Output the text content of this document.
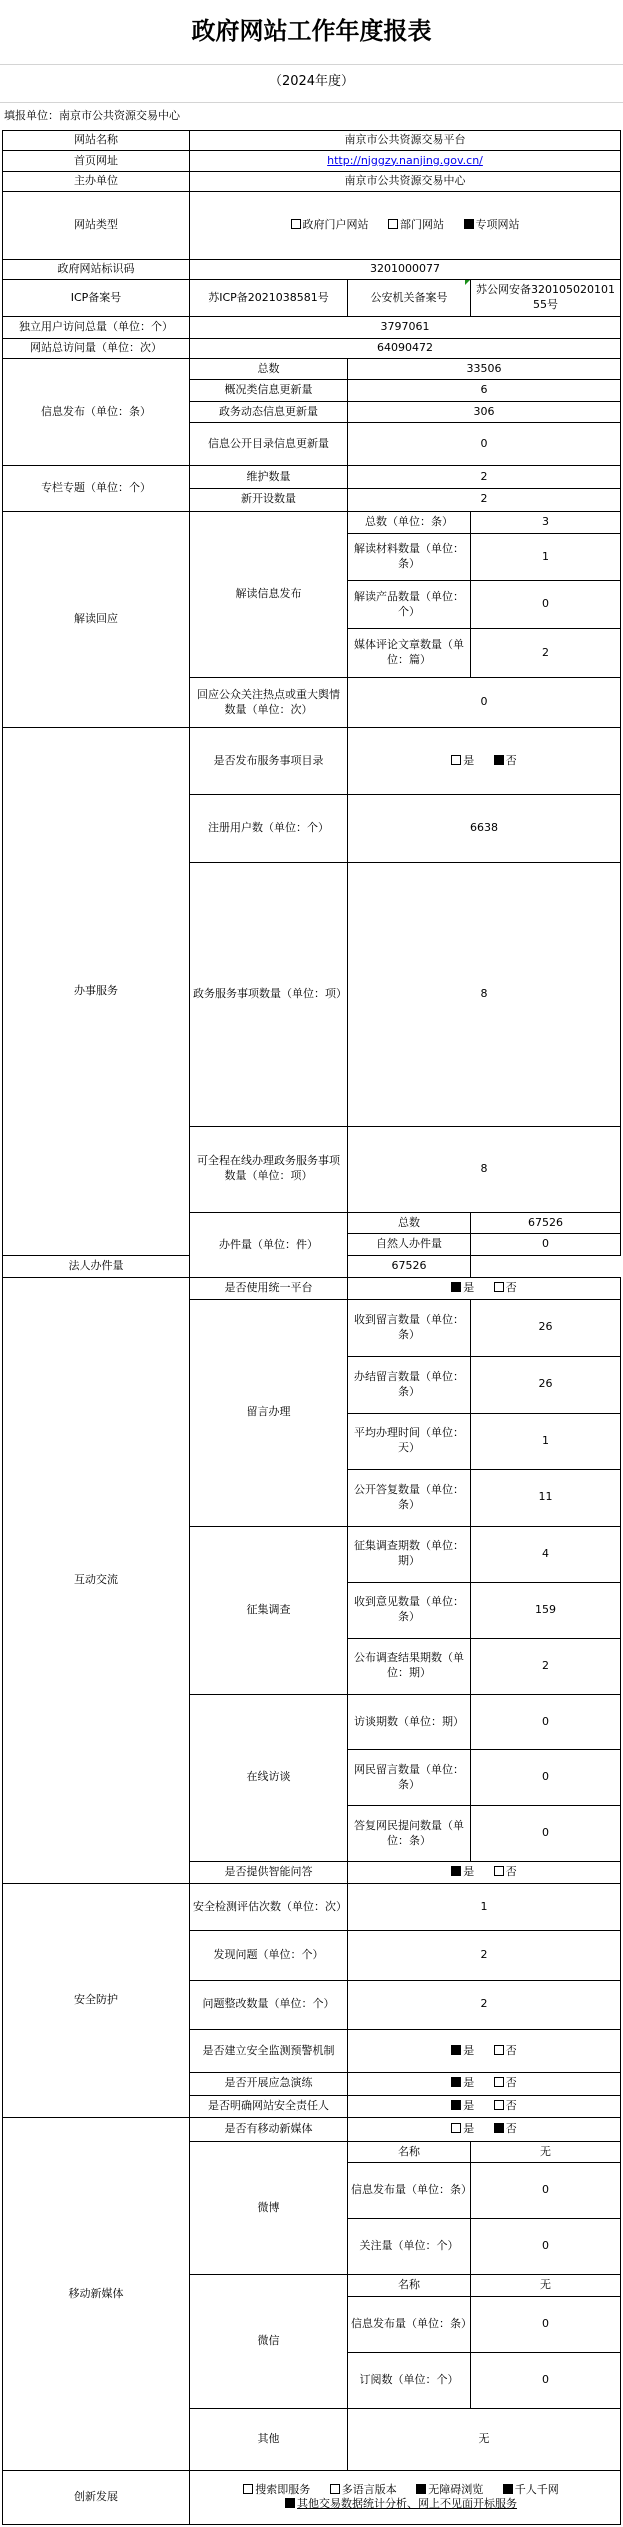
政府网站工作年度报表
（2024年度）
填报单位：南京市公共资源交易中心
网站名称	南京市公共资源交易平台		
首页网址	http://njggzy.nanjing.gov.cn/		
主办单位	南京市公共资源交易中心		
网站类型	政府门户网站 部门网站 专项网站		
政府网站标识码	3201000077		
ICP备案号	苏ICP备2021038581号	公安机关备案号	苏公网安备32010502010155号
独立用户访问总量（单位：个）	3797061		
网站总访问量（单位：次）	64090472		
信息发布（单位：条）	总数	33506	
	概况类信息更新量	6	
	政务动态信息更新量	306	
	信息公开目录信息更新量	0	
专栏专题（单位：个）	维护数量	2	
	新开设数量	2	
解读回应	解读信息发布	总数（单位：条）	3
		解读材料数量（单位：条）	1
		解读产品数量（单位：个）	0
		媒体评论文章数量（单位：篇）	2
	回应公众关注热点或重大舆情数量（单位：次）	0	
办事服务	是否发布服务事项目录	是 否	
	注册用户数（单位：个）	6638	
	政务服务事项数量（单位：项）	8	
	可全程在线办理政务服务事项数量（单位：项）	8	
	办件量（单位：件）	总数	67526
		自然人办件量	0
法人办件量		67526	
互动交流	是否使用统一平台	是 否	
	留言办理	收到留言数量（单位：条）	26
		办结留言数量（单位：条）	26
		平均办理时间（单位：天）	1
		公开答复数量（单位：条）	11
	征集调查	征集调查期数（单位：期）	4
		收到意见数量（单位：条）	159
		公布调查结果期数（单位：期）	2
	在线访谈	访谈期数（单位：期）	0
		网民留言数量（单位：条）	0
		答复网民提问数量（单位：条）	0
	是否提供智能问答	是 否	
安全防护	安全检测评估次数（单位：次）	1	
	发现问题（单位：个）	2	
	问题整改数量（单位：个）	2	
	是否建立安全监测预警机制	是 否	
	是否开展应急演练	是 否	
	是否明确网站安全责任人	是 否	
移动新媒体	是否有移动新媒体	是 否	
	微博	名称	无
		信息发布量（单位：条）	0
		关注量（单位：个）	0
	微信	名称	无
		信息发布量（单位：条）	0
		订阅数（单位：个）	0
	其他	无	
创新发展	搜索即服务 多语言版本 无障碍浏览 千人千网
其他交易数据统计分析、网上不见面开标服务		
